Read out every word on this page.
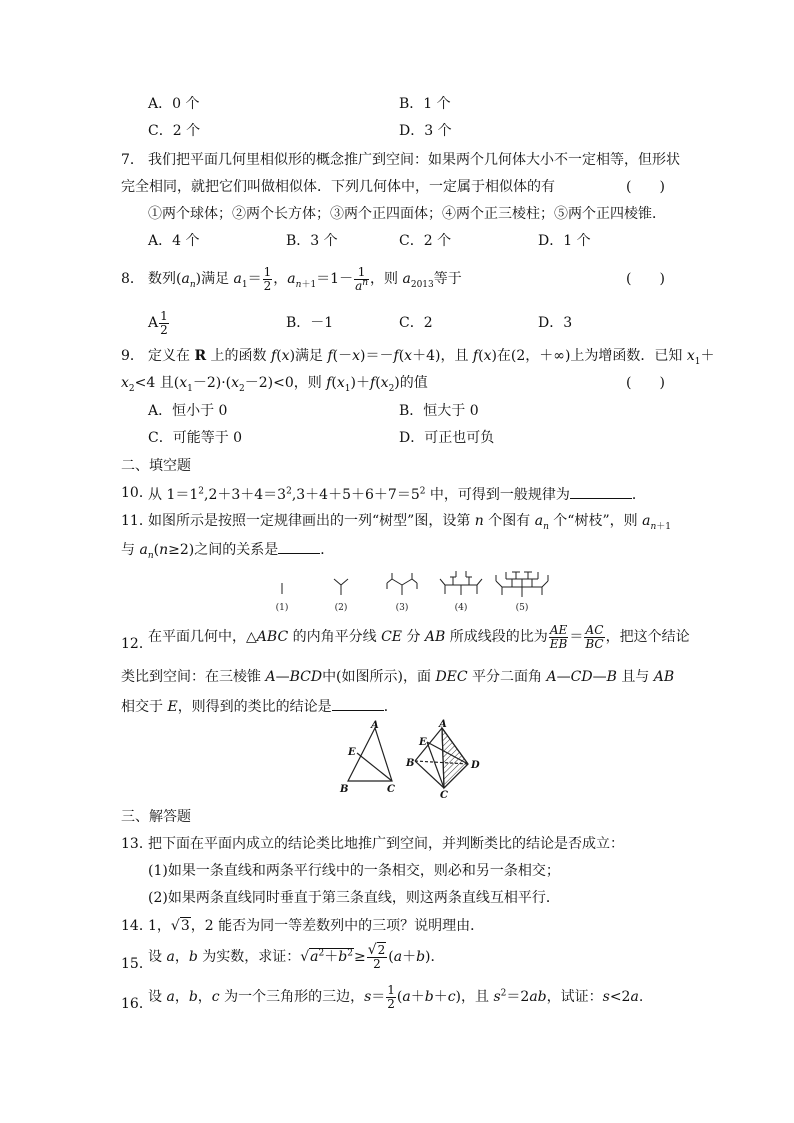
A．0 个	B．1 个
C．2 个	D．3 个
7． 我们把平面几何里相似形的概念推广到空间：如果两个几何体大小不一定相等，但形状
完全相同，就把它们叫做相似体．下列几何体中，一定属于相似体的有	(　　)
①两个球体；②两个长方体；③两个正四面体；④两个正三棱柱；⑤两个正四棱锥．
A．4 个	B．3 个	C．2 个	D．1 个
8． 数列$(a_n)$满足 $a_1= \frac{1}{2}$ ，$a_{n+1}=1- \frac{1}{a^n}$ ，则 $a_{2013}$等于	(　　)
A $\frac{1}{2}$	B．－1	C．2	D．3
9． 定义在 R 上的函数 f(x)满足 f(－x)＝－f(x＋4)，且 f(x)在(2，＋∞)上为增函数．已知 $x_1+$
$x_2<4$ 且$(x_1-2)\cdot(x_2-2)<0$，则 $f(x_1)+f(x_2)$的值	(　　)
A．恒小于 0	B．恒大于 0
C．可能等于 0	D．可正也可负
二、填空题
10．
从 $1=1^2,2+3+4=3^2,3+4+5+6+7=5^2$ 中，可得到一般规律为	．
11．
如图所示是按照一定规律画出的一列“树型”图，设第 n 个图有 $a_n$ 个“树枝”，则 $a_{n+1}$
与 $a_n(n\ge 2)$之间的关系是	．
(1)	(2)	(3)	(4)	(5)
12．
在平面几何中，△ABC 的内角平分线 CE 分 AB 所成线段的比为 $\frac{AE}{EB} = \frac{AC}{BC}$ ，把这个结论
类比到空间：在三棱锥 A—BCD中(如图所示)，面 DEC 平分二面角 A—CD—B 且与 AB
相交于 E，则得到的类比的结论是	．
A
E
B	C
A
E
B	D
C
三、解答题
13．
把下面在平面内成立的结论类比地推广到空间，并判断类比的结论是否成立：
(1)如果一条直线和两条平行线中的一条相交，则必和另一条相交；
(2)如果两条直线同时垂直于第三条直线，则这两条直线互相平行．
14．
1，√3，2 能否为同一等差数列中的三项？说明理由．
15．
设 a，b 为实数，求证：$√a^2+b^2\ge \frac{√2}{2} (a+b)$．
16．
设 a，b，c 为一个三角形的三边，$s= \frac{1}{2} (a+b+c)$，且 $s^2=2ab$，试证：s<2a.
